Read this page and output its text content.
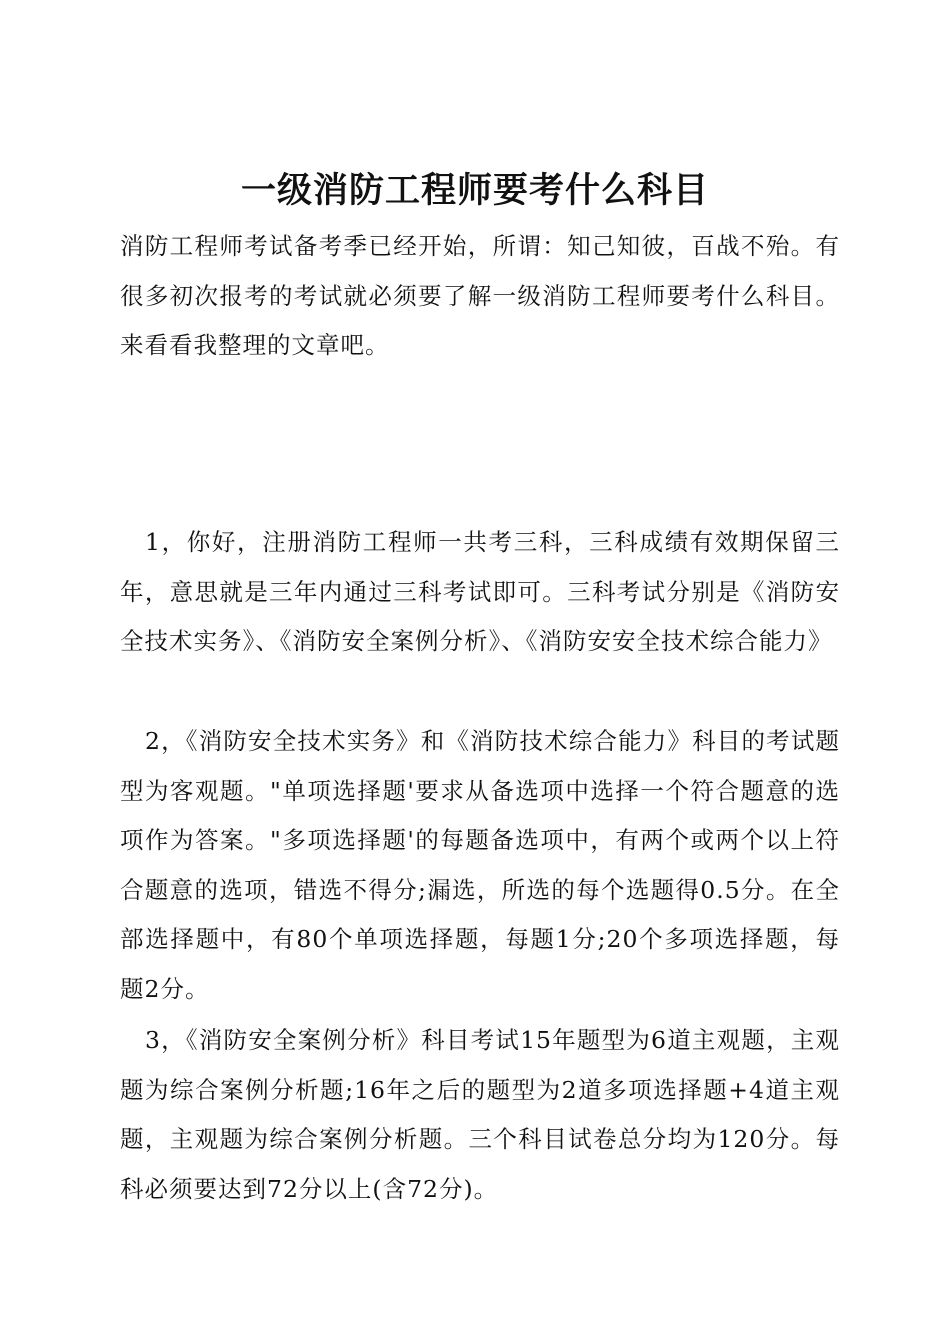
一级消防工程师要考什么科目

消防工程师考试备考季已经开始，所谓：知己知彼，百战不殆。有很多初次报考的考试就必须要了解一级消防工程师要考什么科目。来看看我整理的文章吧。

1，你好，注册消防工程师一共考三科，三科成绩有效期保留三年，意思就是三年内通过三科考试即可。三科考试分别是《消防安全技术实务》、《消防安全案例分析》、《消防安安全技术综合能力》

2，《消防安全技术实务》和《消防技术综合能力》科目的考试题型为客观题。"单项选择题'要求从备选项中选择一个符合题意的选项作为答案。"多项选择题'的每题备选项中，有两个或两个以上符合题意的选项，错选不得分;漏选，所选的每个选题得0.5分。在全部选择题中，有80个单项选择题，每题1分;20个多项选择题，每题2分。

3，《消防安全案例分析》科目考试15年题型为6道主观题，主观题为综合案例分析题;16年之后的题型为2道多项选择题+4道主观题，主观题为综合案例分析题。三个科目试卷总分均为120分。每科必须要达到72分以上(含72分)。
